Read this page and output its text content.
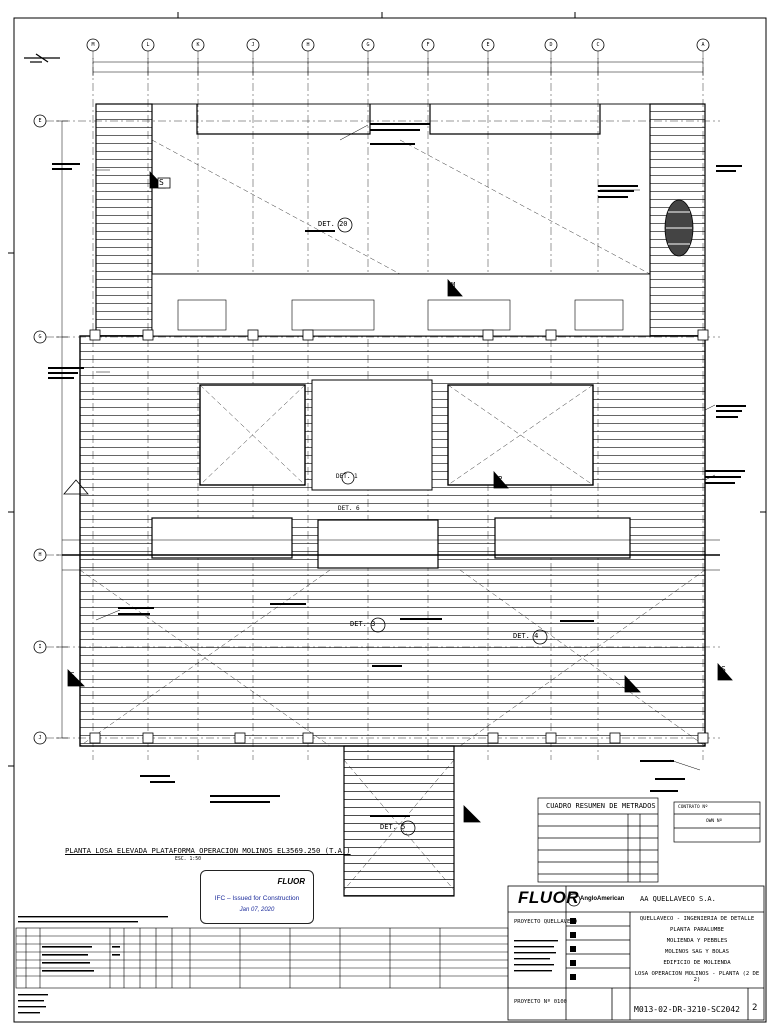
M	L	K	J	H	G	F	E	D	C	A
E
G
H
I
J
DET. 20
DET. 1
DET. 3
DET. 4
DET. 5
DET. 6
S
M
P
S
S
PLANTA LOSA ELEVADA PLATAFORMA OPERACION MOLINOS EL3569.250 (T.A.)
ESC. 1:50
FLUOR
IFC – Issued for Construction
Jan 07, 2020
CUADRO RESUMEN DE METRADOS	CONTRATO Nº
OWN Nº
FLUOR AngloAmerican AA QUELLAVECO S.A.
PROYECTO QUELLAVECO
PROYECTO Nº 0100
QUELLAVECO - INGENIERIA DE DETALLE
PLANTA PARALUMBE
MOLIENDA Y PEBBLES
MOLINOS SAG Y BOLAS
EDIFICIO DE MOLIENDA
LOSA OPERACION MOLINOS - PLANTA (2 DE 2)
M013-02-DR-3210-SC2042 2
